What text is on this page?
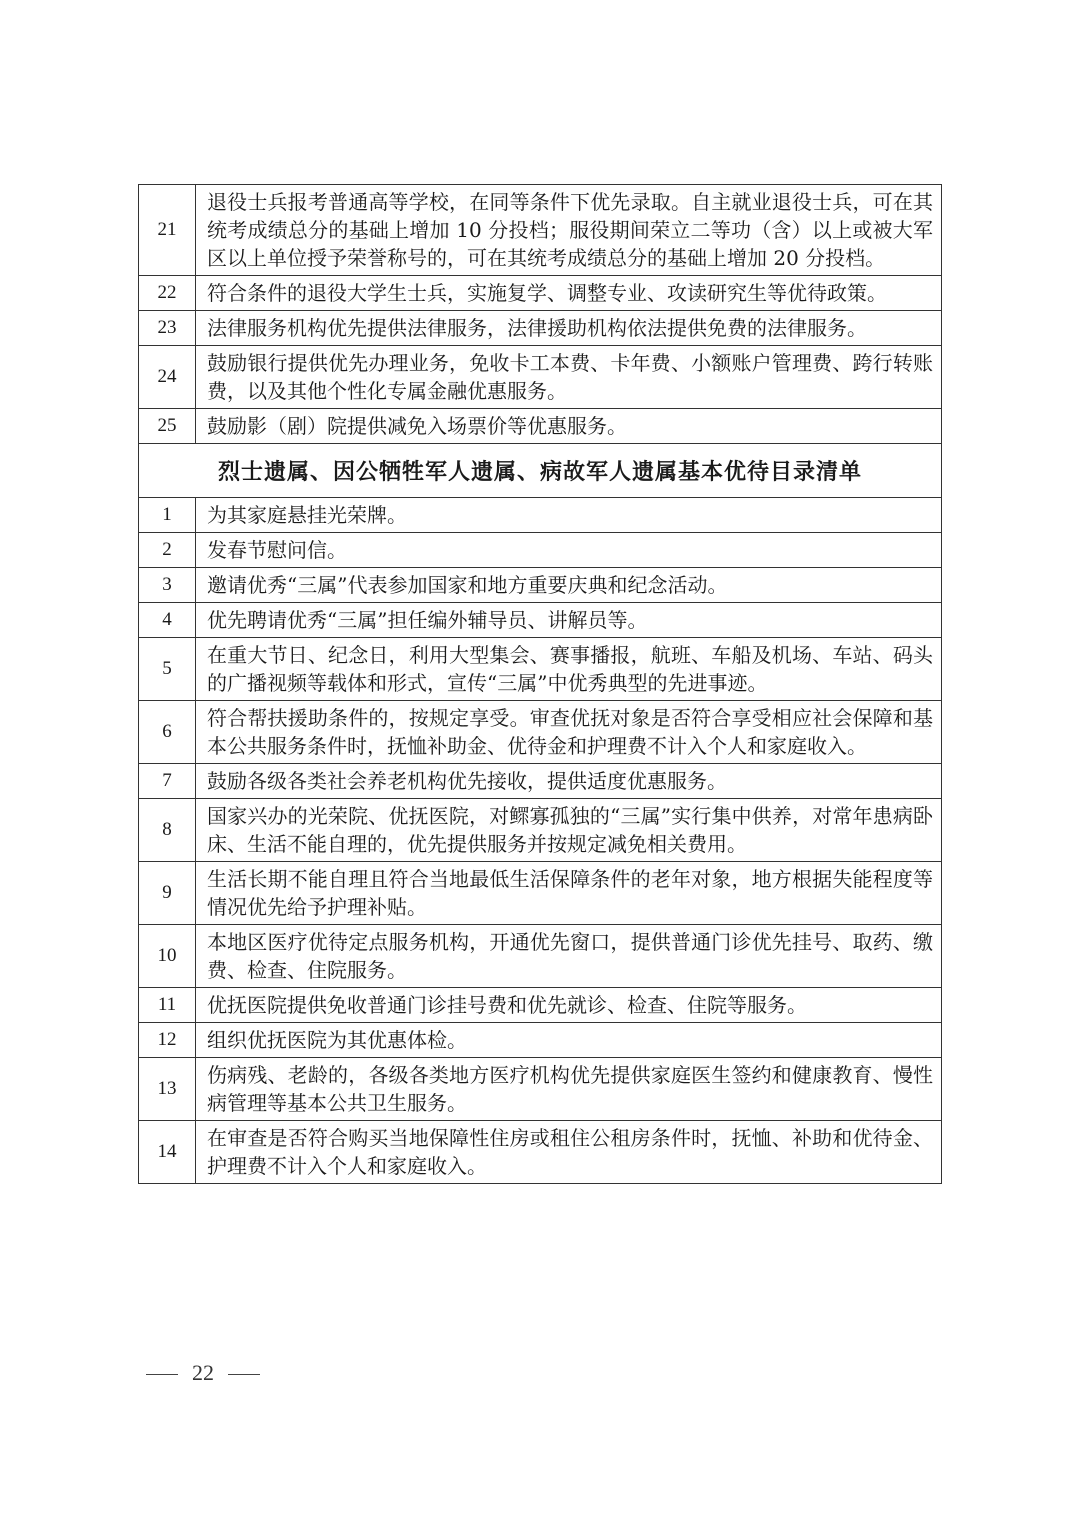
21	退役士兵报考普通高等学校，在同等条件下优先录取。自主就业退役士兵，可在其统考成绩总分的基础上增加 10 分投档；服役期间荣立二等功（含）以上或被大军区以上单位授予荣誉称号的，可在其统考成绩总分的基础上增加 20 分投档。
22	符合条件的退役大学生士兵，实施复学、调整专业、攻读研究生等优待政策。
23	法律服务机构优先提供法律服务，法律援助机构依法提供免费的法律服务。
24	鼓励银行提供优先办理业务，免收卡工本费、卡年费、小额账户管理费、跨行转账费，以及其他个性化专属金融优惠服务。
25	鼓励影（剧）院提供减免入场票价等优惠服务。
烈士遗属、因公牺牲军人遗属、病故军人遗属基本优待目录清单	
1	为其家庭悬挂光荣牌。
2	发春节慰问信。
3	邀请优秀“三属”代表参加国家和地方重要庆典和纪念活动。
4	优先聘请优秀“三属”担任编外辅导员、讲解员等。
5	在重大节日、纪念日，利用大型集会、赛事播报，航班、车船及机场、车站、码头的广播视频等载体和形式，宣传“三属”中优秀典型的先进事迹。
6	符合帮扶援助条件的，按规定享受。审查优抚对象是否符合享受相应社会保障和基本公共服务条件时，抚恤补助金、优待金和护理费不计入个人和家庭收入。
7	鼓励各级各类社会养老机构优先接收，提供适度优惠服务。
8	国家兴办的光荣院、优抚医院，对鳏寡孤独的“三属”实行集中供养，对常年患病卧床、生活不能自理的，优先提供服务并按规定减免相关费用。
9	生活长期不能自理且符合当地最低生活保障条件的老年对象，地方根据失能程度等情况优先给予护理补贴。
10	本地区医疗优待定点服务机构，开通优先窗口，提供普通门诊优先挂号、取药、缴费、检查、住院服务。
11	优抚医院提供免收普通门诊挂号费和优先就诊、检查、住院等服务。
12	组织优抚医院为其优惠体检。
13	伤病残、老龄的，各级各类地方医疗机构优先提供家庭医生签约和健康教育、慢性病管理等基本公共卫生服务。
14	在审查是否符合购买当地保障性住房或租住公租房条件时，抚恤、补助和优待金、护理费不计入个人和家庭收入。
22
